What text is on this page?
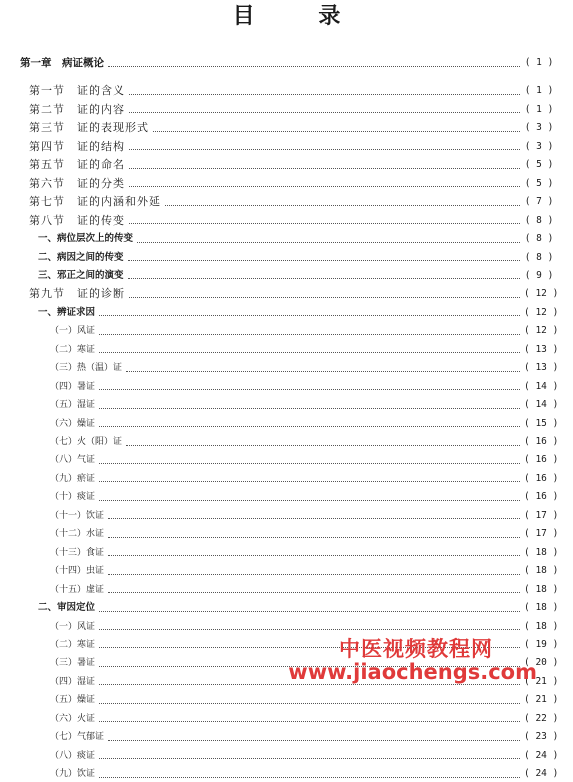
目 录
第一章　病证概论	( 1 )
第一节　证的含义	( 1 )
第二节　证的内容	( 1 )
第三节　证的表现形式	( 3 )
第四节　证的结构	( 3 )
第五节　证的命名	( 5 )
第六节　证的分类	( 5 )
第七节　证的内涵和外延	( 7 )
第八节　证的传变	( 8 )
一、病位层次上的传变	( 8 )
二、病因之间的传变	( 8 )
三、邪正之间的演变	( 9 )
第九节　证的诊断	( 12 )
一、辨证求因	( 12 )
（一）风证	( 12 )
（二）寒证	( 13 )
（三）热（温）证	( 13 )
（四）暑证	( 14 )
（五）湿证	( 14 )
（六）燥证	( 15 )
（七）火（阳）证	( 16 )
（八）气证	( 16 )
（九）瘀证	( 16 )
（十）痰证	( 16 )
（十一）饮证	( 17 )
（十二）水证	( 17 )
（十三）食证	( 18 )
（十四）虫证	( 18 )
（十五）虚证	( 18 )
二、审因定位	( 18 )
（一）风证	( 18 )
（二）寒证	( 19 )
（三）暑证	( 20 )
（四）湿证	( 21 )
（五）燥证	( 21 )
（六）火证	( 22 )
（七）气郁证	( 23 )
（八）痰证	( 24 )
（九）饮证	( 24 )
中医视频教程网
www.jiaochengs.com
